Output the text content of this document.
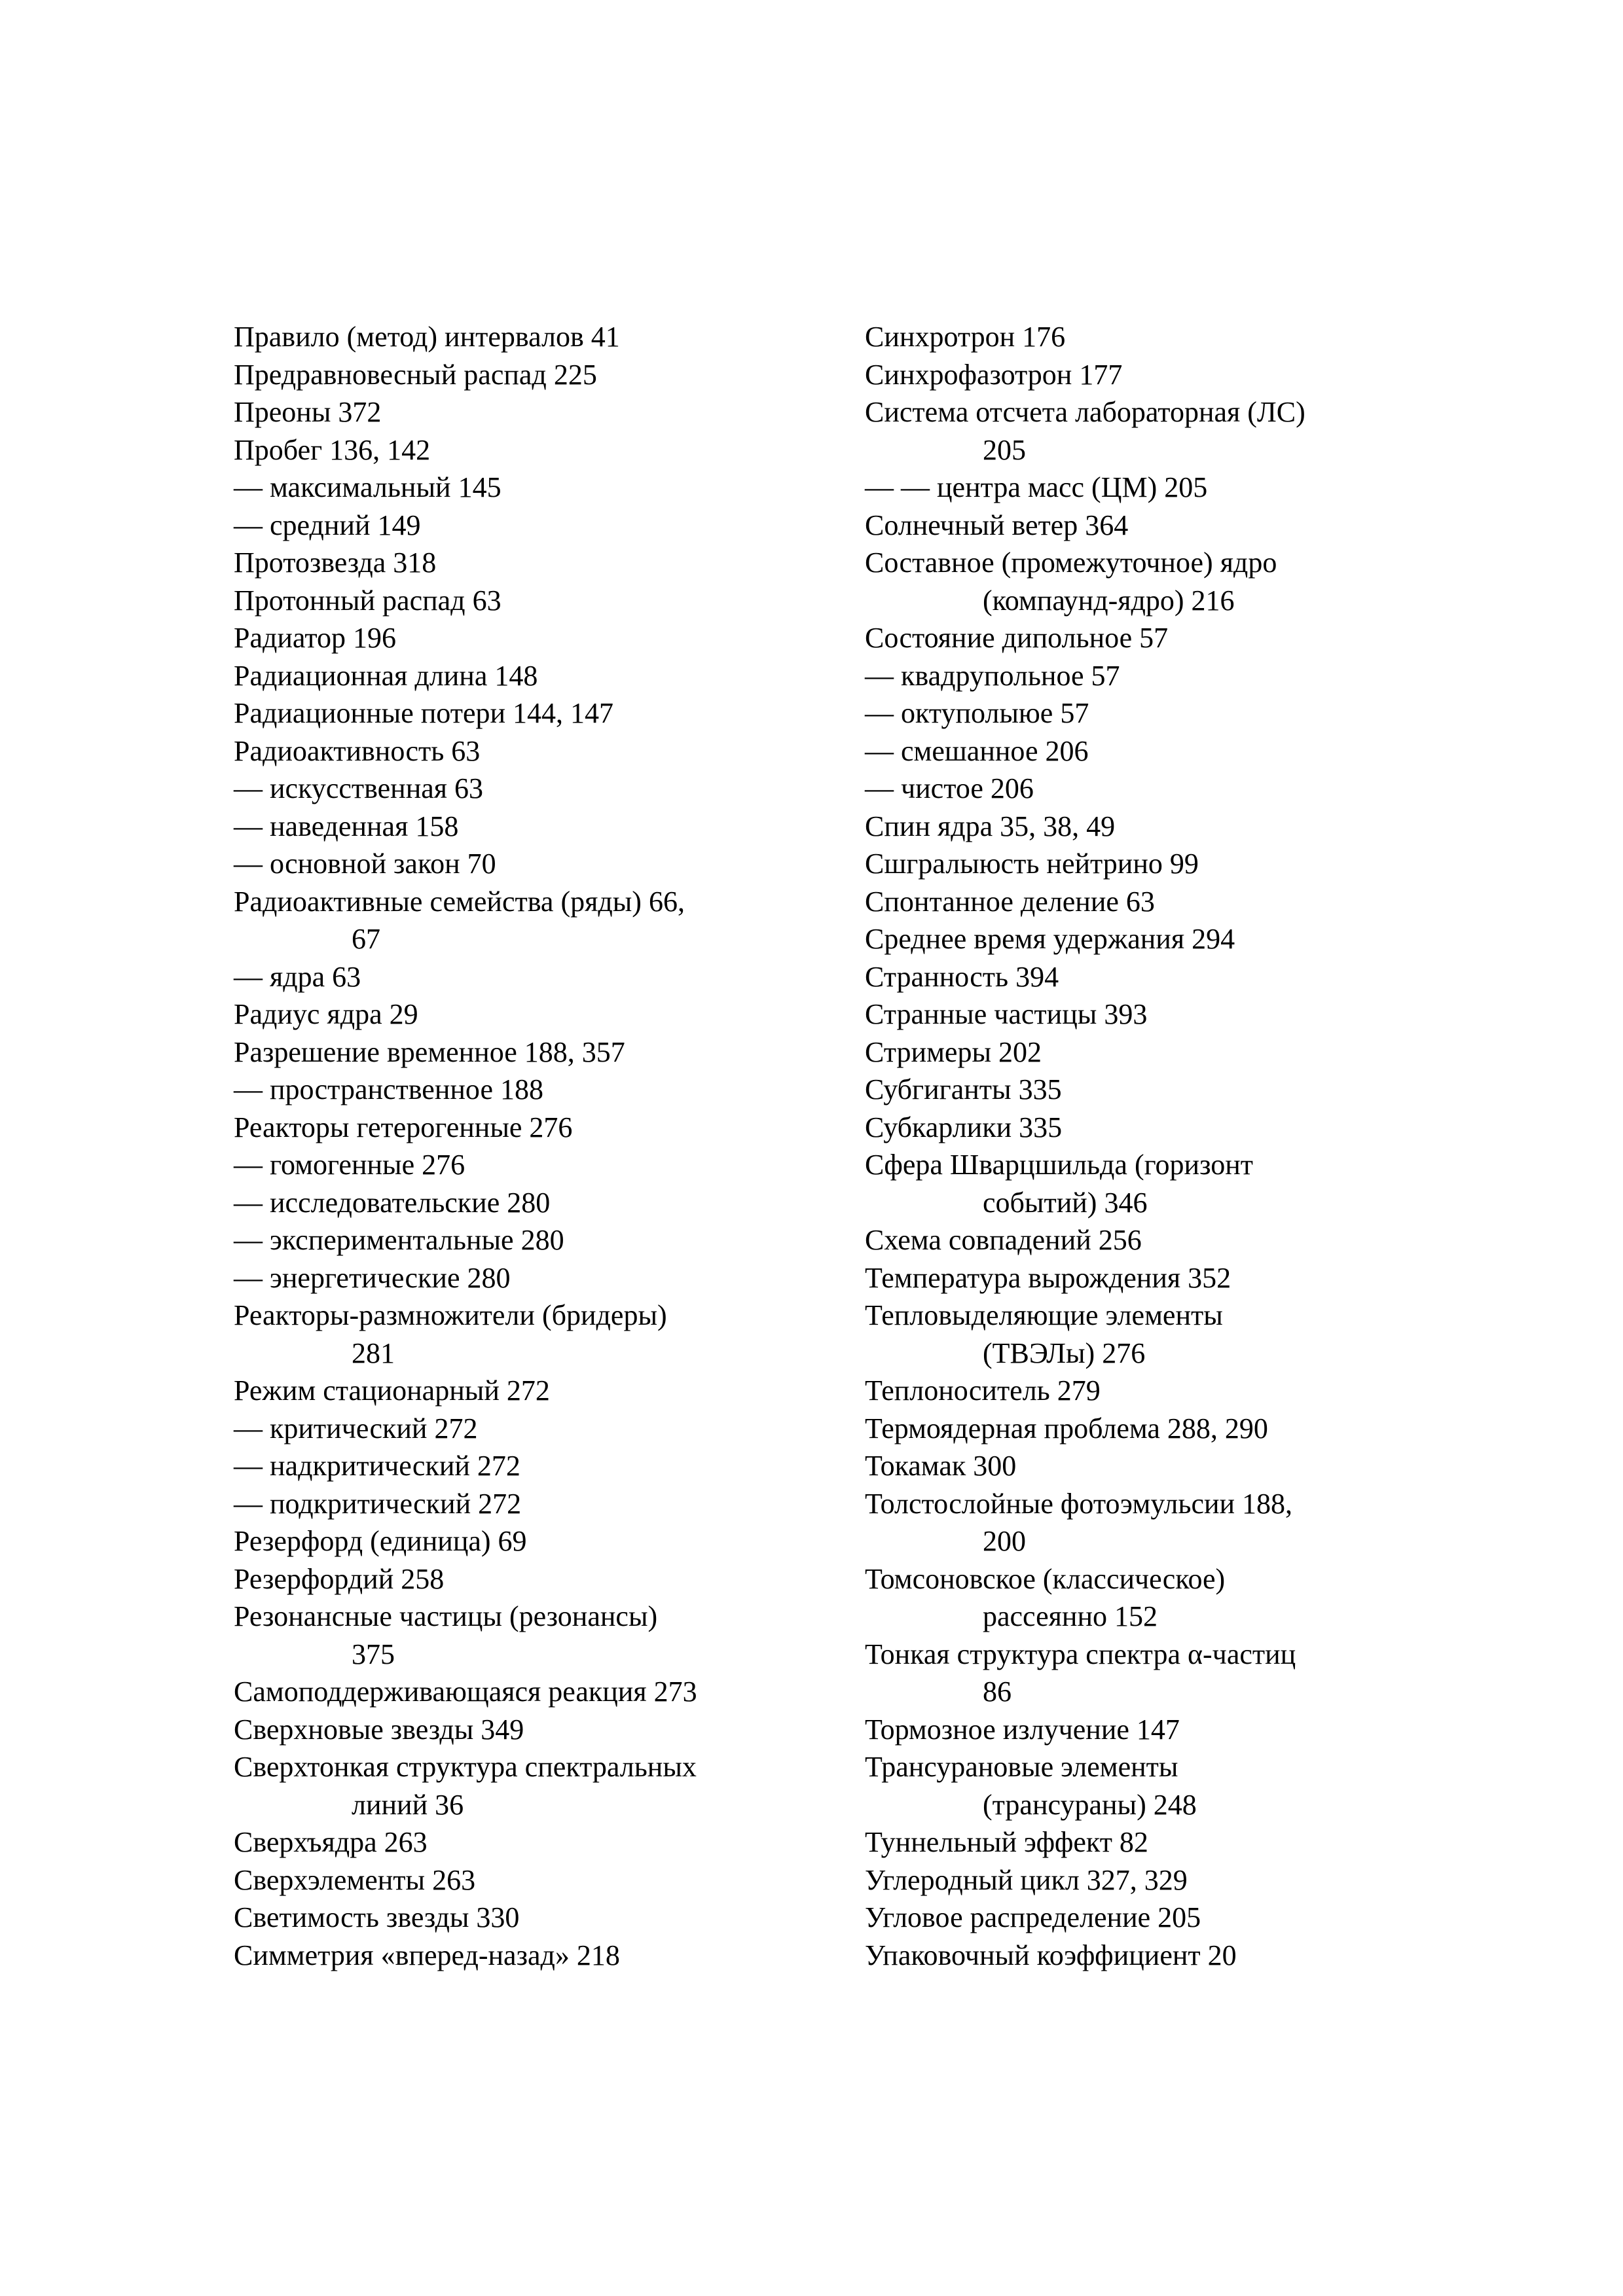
Правило (метод) интервалов 41
Предравновесный распад 225
Преоны 372
Пробег 136, 142
— максимальный 145
— средний 149
Протозвезда 318
Протонный распад 63
Радиатор 196
Радиационная длина 148
Радиационные потери 144, 147
Радиоактивность 63
— искусственная 63
— наведенная 158
— основной закон 70
Радиоактивные семейства (ряды) 66,
67
— ядра 63
Радиус ядра 29
Разрешение временное 188, 357
— пространственное 188
Реакторы гетерогенные 276
— гомогенные 276
— исследовательские 280
— экспериментальные 280
— энергетические 280
Реакторы-размножители (бридеры)
281
Режим стационарный 272
— критический 272
— надкритический 272
— подкритический 272
Резерфорд (единица) 69
Резерфордий 258
Резонансные частицы (резонансы)
375
Самоподдерживающаяся реакция 273
Сверхновые звезды 349
Сверхтонкая структура спектральных
линий 36
Сверхъядра 263
Сверхэлементы 263
Светимость звезды 330
Симметрия «вперед-назад» 218
Синхротрон 176
Синхрофазотрон 177
Система отсчета лабораторная (ЛС)
205
— — центра масс (ЦМ) 205
Солнечный ветер 364
Составное (промежуточное) ядро
(компаунд-ядро) 216
Состояние дипольное 57
— квадрупольное 57
— октуполыюе 57
— смешанное 206
— чистое 206
Спин ядра 35, 38, 49
Сшгралыюсть нейтрино 99
Спонтанное деление 63
Среднее время удержания 294
Странность 394
Странные частицы 393
Стримеры 202
Субгиганты 335
Субкарлики 335
Сфера Шварцшильда (горизонт
событий) 346
Схема совпадений 256
Температура вырождения 352
Тепловыделяющие элементы
(ТВЭЛы) 276
Теплоноситель 279
Термоядерная проблема 288, 290
Токамак 300
Толстослойные фотоэмульсии 188,
200
Томсоновское (классическое)
рассеянно 152
Тонкая структура спектра α-частиц
86
Тормозное излучение 147
Трансурановые элементы
(трансураны) 248
Туннельный эффект 82
Углеродный цикл 327, 329
Угловое распределение 205
Упаковочный коэффициент 20
